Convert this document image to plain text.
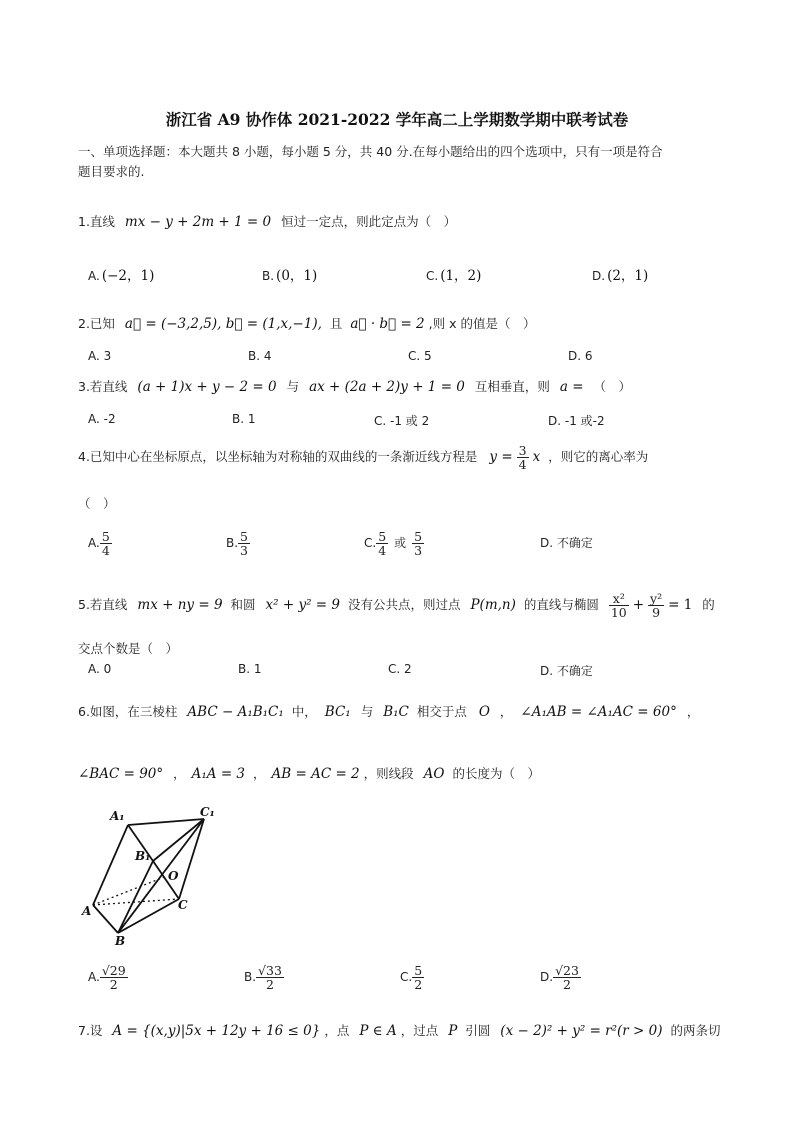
浙江省 A9 协作体 2021-2022 学年高二上学期数学期中联考试卷
一、单项选择题：本大题共 8 小题，每小题 5 分，共 40 分.在每小题给出的四个选项中，只有一项是符合
题目要求的.
1.直线 mx − y + 2m + 1 = 0 恒过一定点，则此定点为（　）
A. (−2，1)	B. (0，1)	C. (1，2)	D. (2，1)
2.已知 a⃗ = (−3,2,5), b⃗ = (1,x,−1), 且 a⃗ · b⃗ = 2 ,则 x 的值是（　）
A. 3	B. 4	C. 5	D. 6
3.若直线 (a + 1)x + y − 2 = 0 与 ax + (2a + 2)y + 1 = 0 互相垂直，则 a = （　）
A. -2	B. 1	C. -1 或 2	D. -1 或-2
4.已知中心在坐标原点，以坐标轴为对称轴的双曲线的一条渐近线方程是 $y = \frac{3}{4}$ x ，则它的离心率为
（　）
A. $\frac{5}{4}$	B. $\frac{5}{3}$	C. $\frac{5}{4}$ 或 $\frac{5}{3}$	D. 不确定
5.若直线 mx + ny = 9 和圆 x² + y² = 9 没有公共点，则过点 P(m,n) 的直线与椭圆 $\frac{\text{x²}}{10} + \frac{\text{y²}}{9} = 1$ 的
交点个数是（　）
A. 0	B. 1	C. 2	D. 不确定
6.如图，在三棱柱 ABC − A₁B₁C₁ 中， BC₁ 与 B₁C 相交于点 O ， ∠A₁AB = ∠A₁AC = 60° ，
∠BAC = 90° ， A₁A = 3 ， AB = AC = 2 ，则线段 AO 的长度为（　）
A₁	C₁
B₁
O
A	C
B
A. $\frac{√29}{2}$	B. $\frac{√33}{2}$	C. $\frac{5}{2}$	D. $\frac{√23}{2}$
7.设 A = {(x,y)|5x + 12y + 16 ≤ 0} ，点 P ∈ A ，过点 P 引圆 (x − 2)² + y² = r²(r > 0) 的两条切
